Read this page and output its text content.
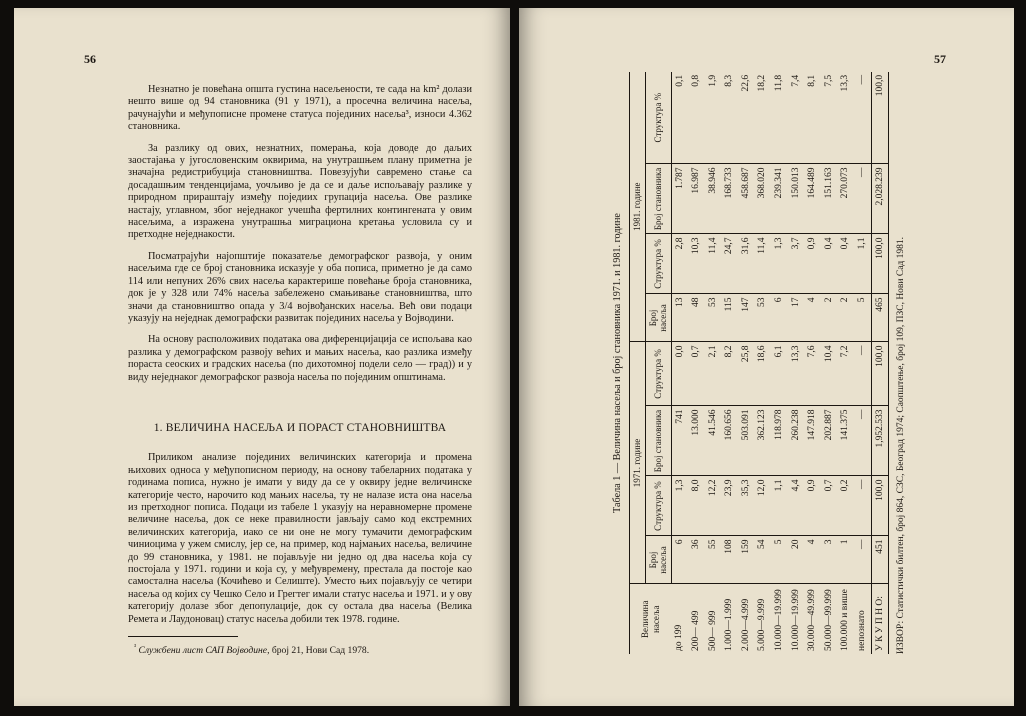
56

Незнатно је повећана општа густина насељености, те сада на km² долази нешто више од 94 становника (91 у 1971), а просечна величина насеља, рачунајући и међупописне промене статуса појединих насеља³, износи 4.362 становника.

За разлику од ових, незнатних, померања, која доводе до даљих заостајања у југословенским оквирима, на унутрашњем плану приметна је значајна редистрибуција становништва. Повезујући савремено стање са досадашњим тенденцијама, уочљиво је да се и даље испољавају разлике у природном прираштају између поједиих групација насеља. Ове разлике настају, углавном, због неједнаког учешћа фертилних контингената у овим насељима, а изражена унутрашња миграциона кретања условила су и претходне неједнакости.

Посматрајући најопштије показатеље демографског развоја, у оним насељима где се број становника исказује у оба пописа, приметно је да само 114 или непуних 26% свих насеља карактерише повећање броја становника, док је у 328 или 74% насеља забележено смањивање становништва, што значи да становништво опада у 3/4 војвођанских насеља. Већ ови подаци указују на неједнак демографски развитак појединих насеља у Војводини.

На основу расположивих података ова диференцијација се испољава као разлика у демографском развоју већих и мањих насеља, као разлика између пораста сеоских и градских насеља (по дихотомној подели село — град)) и у виду неједнаког демографског развоја насеља по појединим општинама.

1. ВЕЛИЧИНА НАСЕЉА И ПОРАСТ СТАНОВНИШТВА

Приликом анализе појединих величинских категорија и промена њихових односа у међупописном периоду, на основу табеларних података у годинама пописа, нужно је имати у виду да се у оквиру једне величинске категорије често, нарочито код мањих насеља, ту не налазе иста она насеља из претходног пописа. Подаци из табеле 1 указују на неравномерне промене величине насеља, док се неке правилности јављају само код екстремних величинских категорија, иако се ни оне не могу тумачити демографским чиниоцима у ужем смислу, јер се, на пример, код најмањих насеља, величине до 99 становника, у 1981. не појављује ни једно од два насеља која су постојала у 1971. години и која су, у међувремену, престала да постоје као самостална насеља (Кочићево и Селиште). Уместо њих појављују се четири насеља од којих су Чешко Село и Грегтег имали статус насеља и 1971. и у ову категорију долазе због депопулације, док су остала два насеља (Велика Ремета и Лаудоновац) статус насеља добили тек 1978. године.

$^{^3}$ Службени лист САП Војводине, број 21, Нови Сад 1978.

57

Табела 1 — Величина насеља и број становника 1971. и 1981. године

Величина насеља	1971. године				1981. године			
	Број насеља	Структура %	Број становника	Структура %	Број насеља	Структура %	Број становника	Структура %
до 199	6	1,3	741	0,0	13	2,8	1.787	0,1
200— 499	36	8,0	13.000	0,7	48	10,3	16.987	0,8
500— 999	55	12,2	41.546	2,1	53	11,4	38.946	1,9
1.000—1.999	108	23,9	160.656	8,2	115	24,7	168.733	8,3
2.000—4.999	159	35,3	503.091	25,8	147	31,6	458.687	22,6
5.000—9.999	54	12,0	362.123	18,6	53	11,4	368.020	18,2
10.000—19.999	5	1,1	118.978	6,1	6	1,3	239.341	11,8
10.000—19.999	20	4,4	260.238	13,3	17	3,7	150.013	7,4
30.000—49.999	4	0,9	147.918	7,6	4	0,9	164.489	8,1
50.000—99.999	3	0,7	202.887	10,4	2	0,4	151.163	7,5
100.000 и више	1	0,2	141.375	7,2	2	0,4	270.073	13,3
непознато	—	—	—	—	5	1,1	—	—
У К У П Н О:	451	100,0	1,952.533	100,0	465	100,0	2,028.239	100,0

ИЗВОР: Статистички билтен, број 864, СЗС, Београд 1974; Саопштење, број 109, ПЗС, Нови Сад 1981.
